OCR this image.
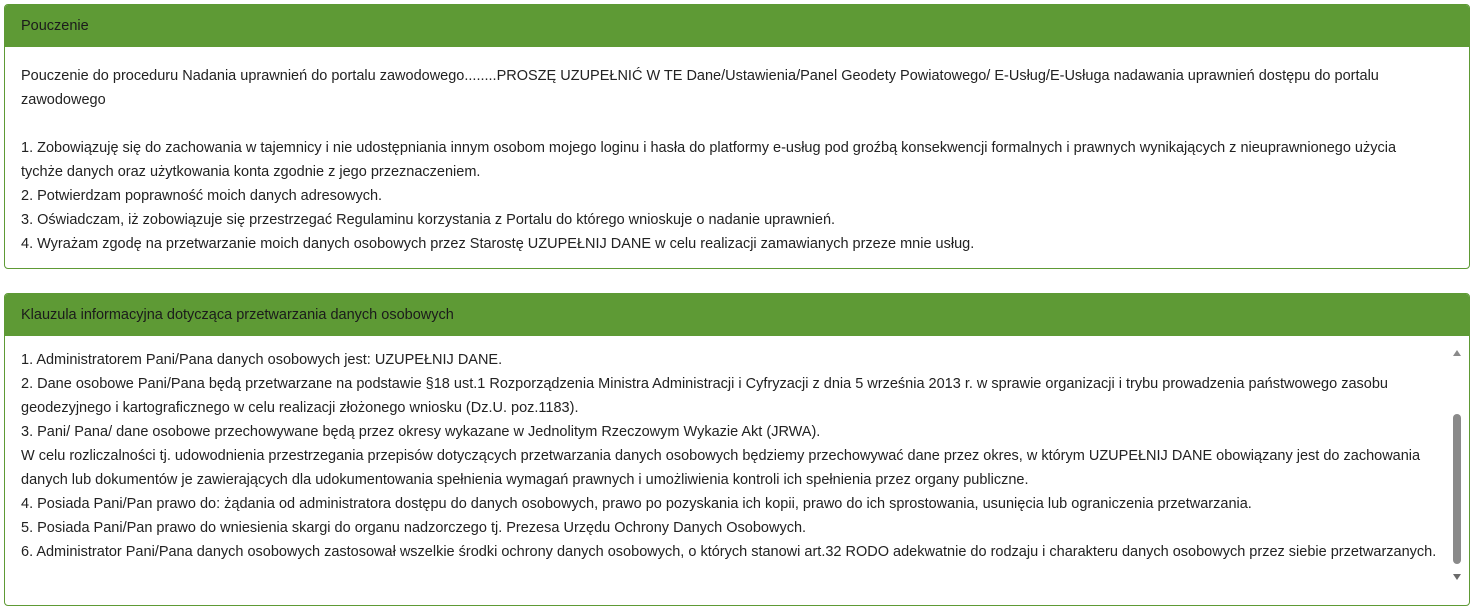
Pouczenie

Pouczenie do proceduru Nadania uprawnień do portalu zawodowego........PROSZĘ UZUPEŁNIĆ W TE Dane/Ustawienia/Panel Geodety Powiatowego/ E-Usług/E-Usługa nadawania uprawnień dostępu do portalu zawodowego

1. Zobowiązuję się do zachowania w tajemnicy i nie udostępniania innym osobom mojego loginu i hasła do platformy e-usług pod groźbą konsekwencji formalnych i prawnych wynikających z nieuprawnionego użycia tychże danych oraz użytkowania konta zgodnie z jego przeznaczeniem.

2. Potwierdzam poprawność moich danych adresowych.

3. Oświadczam, iż zobowiązuje się przestrzegać Regulaminu korzystania z Portalu do którego wnioskuje o nadanie uprawnień.

4. Wyrażam zgodę na przetwarzanie moich danych osobowych przez Starostę UZUPEŁNIJ DANE w celu realizacji zamawianych przeze mnie usług.

Klauzula informacyjna dotycząca przetwarzania danych osobowych

1. Administratorem Pani/Pana danych osobowych jest: UZUPEŁNIJ DANE.

2. Dane osobowe Pani/Pana będą przetwarzane na podstawie §18 ust.1 Rozporządzenia Ministra Administracji i Cyfryzacji z dnia 5 września 2013 r. w sprawie organizacji i trybu prowadzenia państwowego zasobu geodezyjnego i kartograficznego w celu realizacji złożonego wniosku (Dz.U. poz.1183).

3. Pani/ Pana/ dane osobowe przechowywane będą przez okresy wykazane w Jednolitym Rzeczowym Wykazie Akt (JRWA).

W celu rozliczalności tj. udowodnienia przestrzegania przepisów dotyczących przetwarzania danych osobowych będziemy przechowywać dane przez okres, w którym UZUPEŁNIJ DANE obowiązany jest do zachowania danych lub dokumentów je zawierających dla udokumentowania spełnienia wymagań prawnych i umożliwienia kontroli ich spełnienia przez organy publiczne.

4. Posiada Pani/Pan prawo do: żądania od administratora dostępu do danych osobowych, prawo po pozyskania ich kopii, prawo do ich sprostowania, usunięcia lub ograniczenia przetwarzania.

5. Posiada Pani/Pan prawo do wniesienia skargi do organu nadzorczego tj. Prezesa Urzędu Ochrony Danych Osobowych.

6. Administrator Pani/Pana danych osobowych zastosował wszelkie środki ochrony danych osobowych, o których stanowi art.32 RODO adekwatnie do rodzaju i charakteru danych osobowych przez siebie przetwarzanych.
